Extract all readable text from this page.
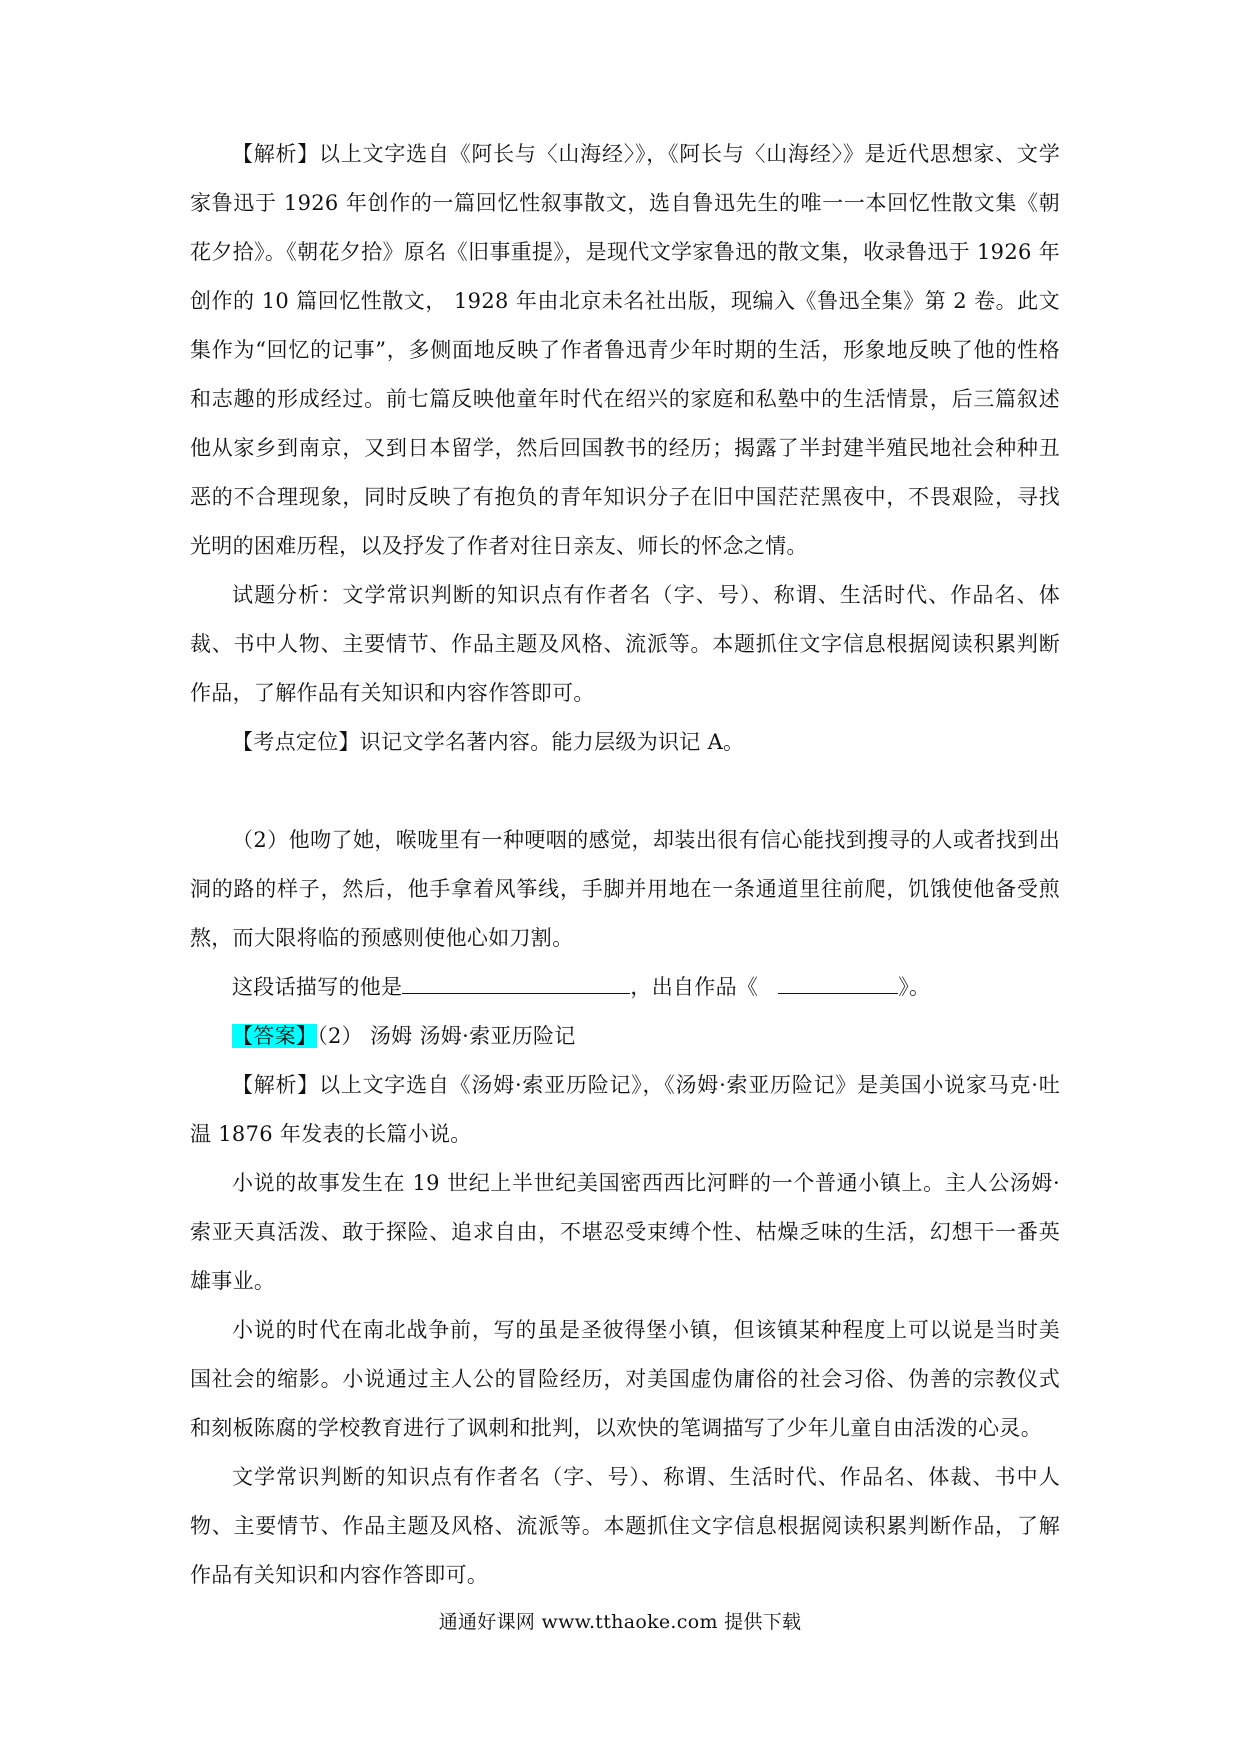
【解析】以上文字选自《阿长与〈山海经〉》，《阿长与〈山海经〉》是近代思想家、文学家鲁迅于 1926 年创作的一篇回忆性叙事散文，选自鲁迅先生的唯一一本回忆性散文集《朝花夕拾》。《朝花夕拾》原名《旧事重提》，是现代文学家鲁迅的散文集，收录鲁迅于 1926 年创作的 10 篇回忆性散文， 1928 年由北京未名社出版，现编入《鲁迅全集》第 2 卷。此文集作为“回忆的记事”，多侧面地反映了作者鲁迅青少年时期的生活，形象地反映了他的性格和志趣的形成经过。前七篇反映他童年时代在绍兴的家庭和私塾中的生活情景，后三篇叙述他从家乡到南京，又到日本留学，然后回国教书的经历；揭露了半封建半殖民地社会种种丑恶的不合理现象，同时反映了有抱负的青年知识分子在旧中国茫茫黑夜中，不畏艰险，寻找光明的困难历程，以及抒发了作者对往日亲友、师长的怀念之情。

试题分析：文学常识判断的知识点有作者名（字、号）、称谓、生活时代、作品名、体裁、书中人物、主要情节、作品主题及风格、流派等。本题抓住文字信息根据阅读积累判断作品，了解作品有关知识和内容作答即可。

【考点定位】识记文学名著内容。能力层级为识记 A。

（2）他吻了她，喉咙里有一种哽咽的感觉，却装出很有信心能找到搜寻的人或者找到出洞的路的样子，然后，他手拿着风筝线，手脚并用地在一条通道里往前爬，饥饿使他备受煎熬，而大限将临的预感则使他心如刀割。

这段话描写的他是	，出自作品《	》。

【答案】（2） 汤姆 汤姆·索亚历险记

【解析】以上文字选自《汤姆·索亚历险记》，《汤姆·索亚历险记》是美国小说家马克·吐温 1876 年发表的长篇小说。

小说的故事发生在 19 世纪上半世纪美国密西西比河畔的一个普通小镇上。主人公汤姆·索亚天真活泼、敢于探险、追求自由，不堪忍受束缚个性、枯燥乏味的生活，幻想干一番英雄事业。

小说的时代在南北战争前，写的虽是圣彼得堡小镇，但该镇某种程度上可以说是当时美国社会的缩影。小说通过主人公的冒险经历，对美国虚伪庸俗的社会习俗、伪善的宗教仪式和刻板陈腐的学校教育进行了讽刺和批判，以欢快的笔调描写了少年儿童自由活泼的心灵。

文学常识判断的知识点有作者名（字、号）、称谓、生活时代、作品名、体裁、书中人物、主要情节、作品主题及风格、流派等。本题抓住文字信息根据阅读积累判断作品，了解作品有关知识和内容作答即可。

通通好课网 www.tthaoke.com 提供下载
